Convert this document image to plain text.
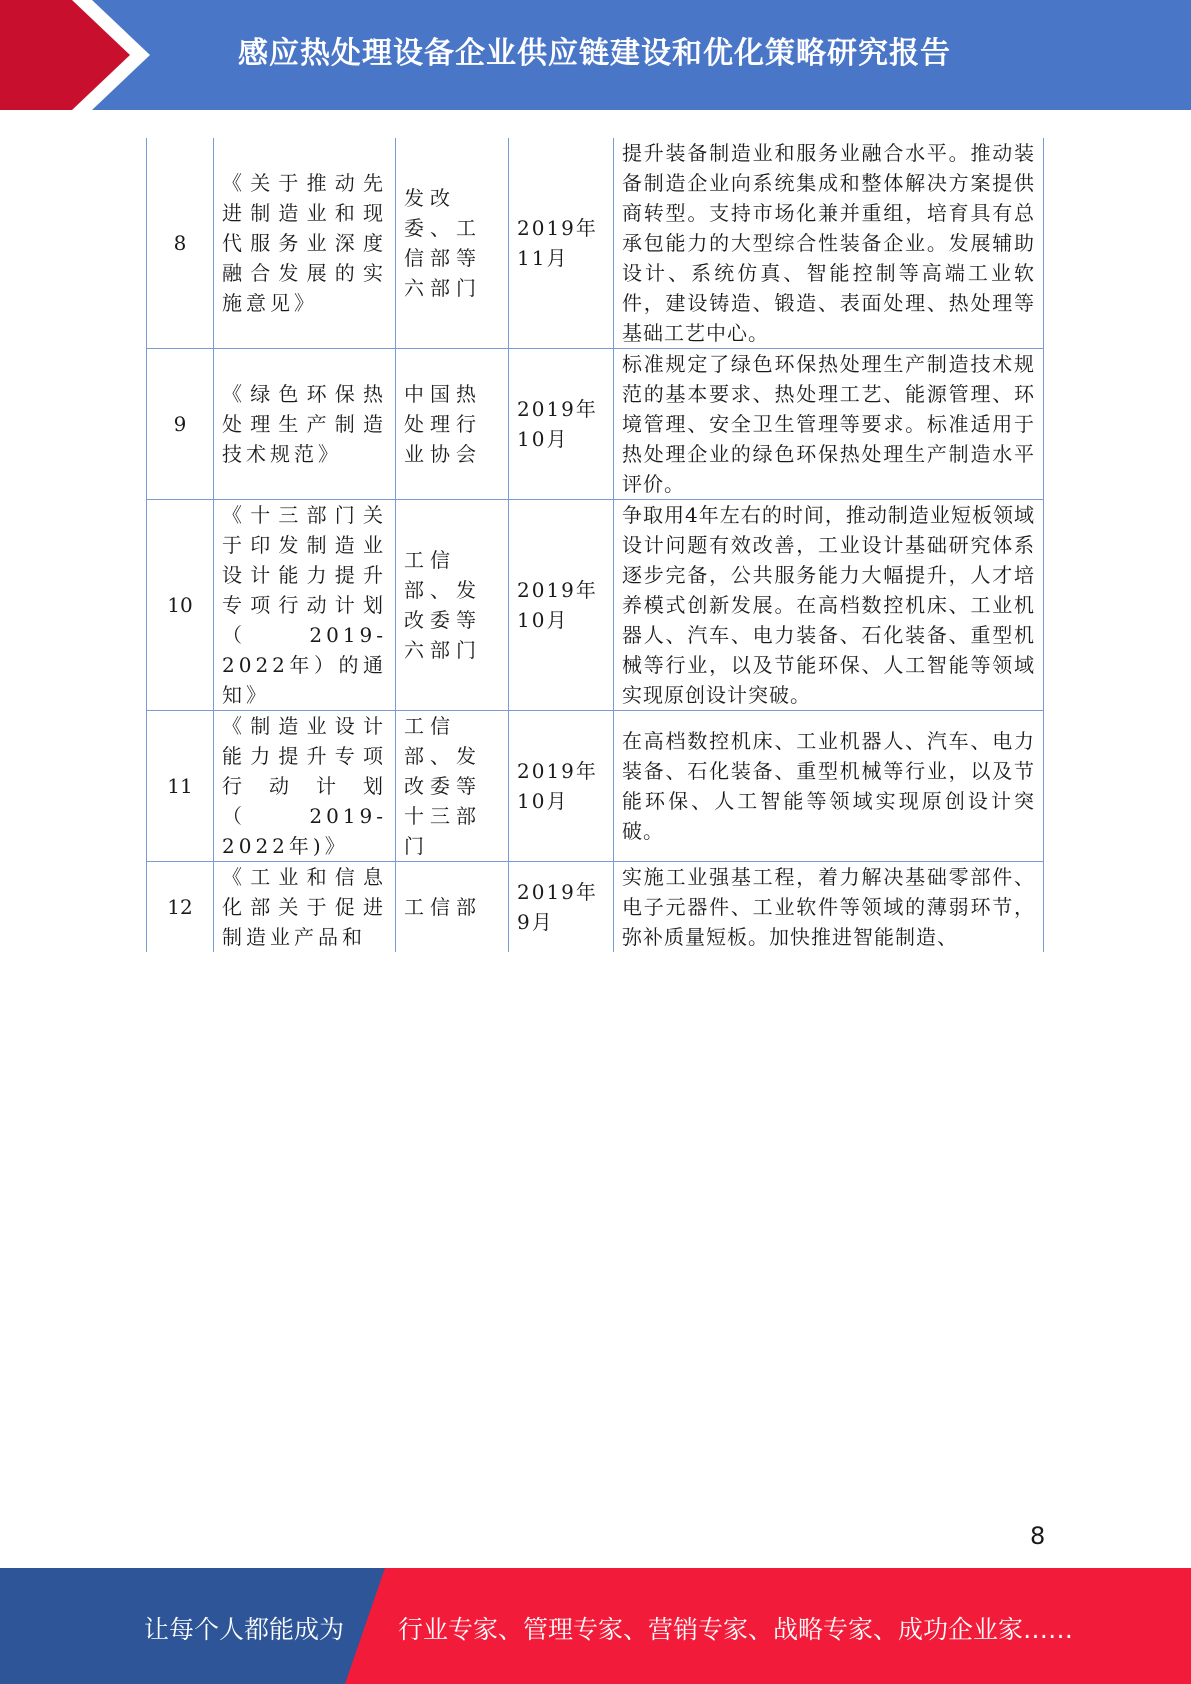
感应热处理设备企业供应链建设和优化策略研究报告
8	《关于推动先进制造业和现代服务业深度融合发展的实施意见》	发改委、工信部等六部门	2019年11月	提升装备制造业和服务业融合水平。推动装备制造企业向系统集成和整体解决方案提供商转型。支持市场化兼并重组，培育具有总承包能力的大型综合性装备企业。发展辅助设计、系统仿真、智能控制等高端工业软件，建设铸造、锻造、表面处理、热处理等基础工艺中心。
9	《绿色环保热处理生产制造技术规范》	中国热处理行业协会	2019年10月	标准规定了绿色环保热处理生产制造技术规范的基本要求、热处理工艺、能源管理、环境管理、安全卫生管理等要求。标准适用于热处理企业的绿色环保热处理生产制造水平评价。
10	《十三部门关于印发制造业设计能力提升专项行动计划（2019-2022年）的通知》	工信部、发改委等六部门	2019年10月	争取用4年左右的时间，推动制造业短板领域设计问题有效改善，工业设计基础研究体系逐步完备，公共服务能力大幅提升，人才培养模式创新发展。在高档数控机床、工业机器人、汽车、电力装备、石化装备、重型机械等行业，以及节能环保、人工智能等领域实现原创设计突破。
11	《制造业设计能力提升专项行动计划（2019-2022年)》	工信部、发改委等十三部门	2019年10月	在高档数控机床、工业机器人、汽车、电力装备、石化装备、重型机械等行业，以及节能环保、人工智能等领域实现原创设计突破。
12	《工业和信息化部关于促进制造业产品和	工信部	2019年9月	实施工业强基工程，着力解决基础零部件、电子元器件、工业软件等领域的薄弱环节，弥补质量短板。加快推进智能制造、
8
让每个人都能成为 行业专家、管理专家、营销专家、战略专家、成功企业家……
